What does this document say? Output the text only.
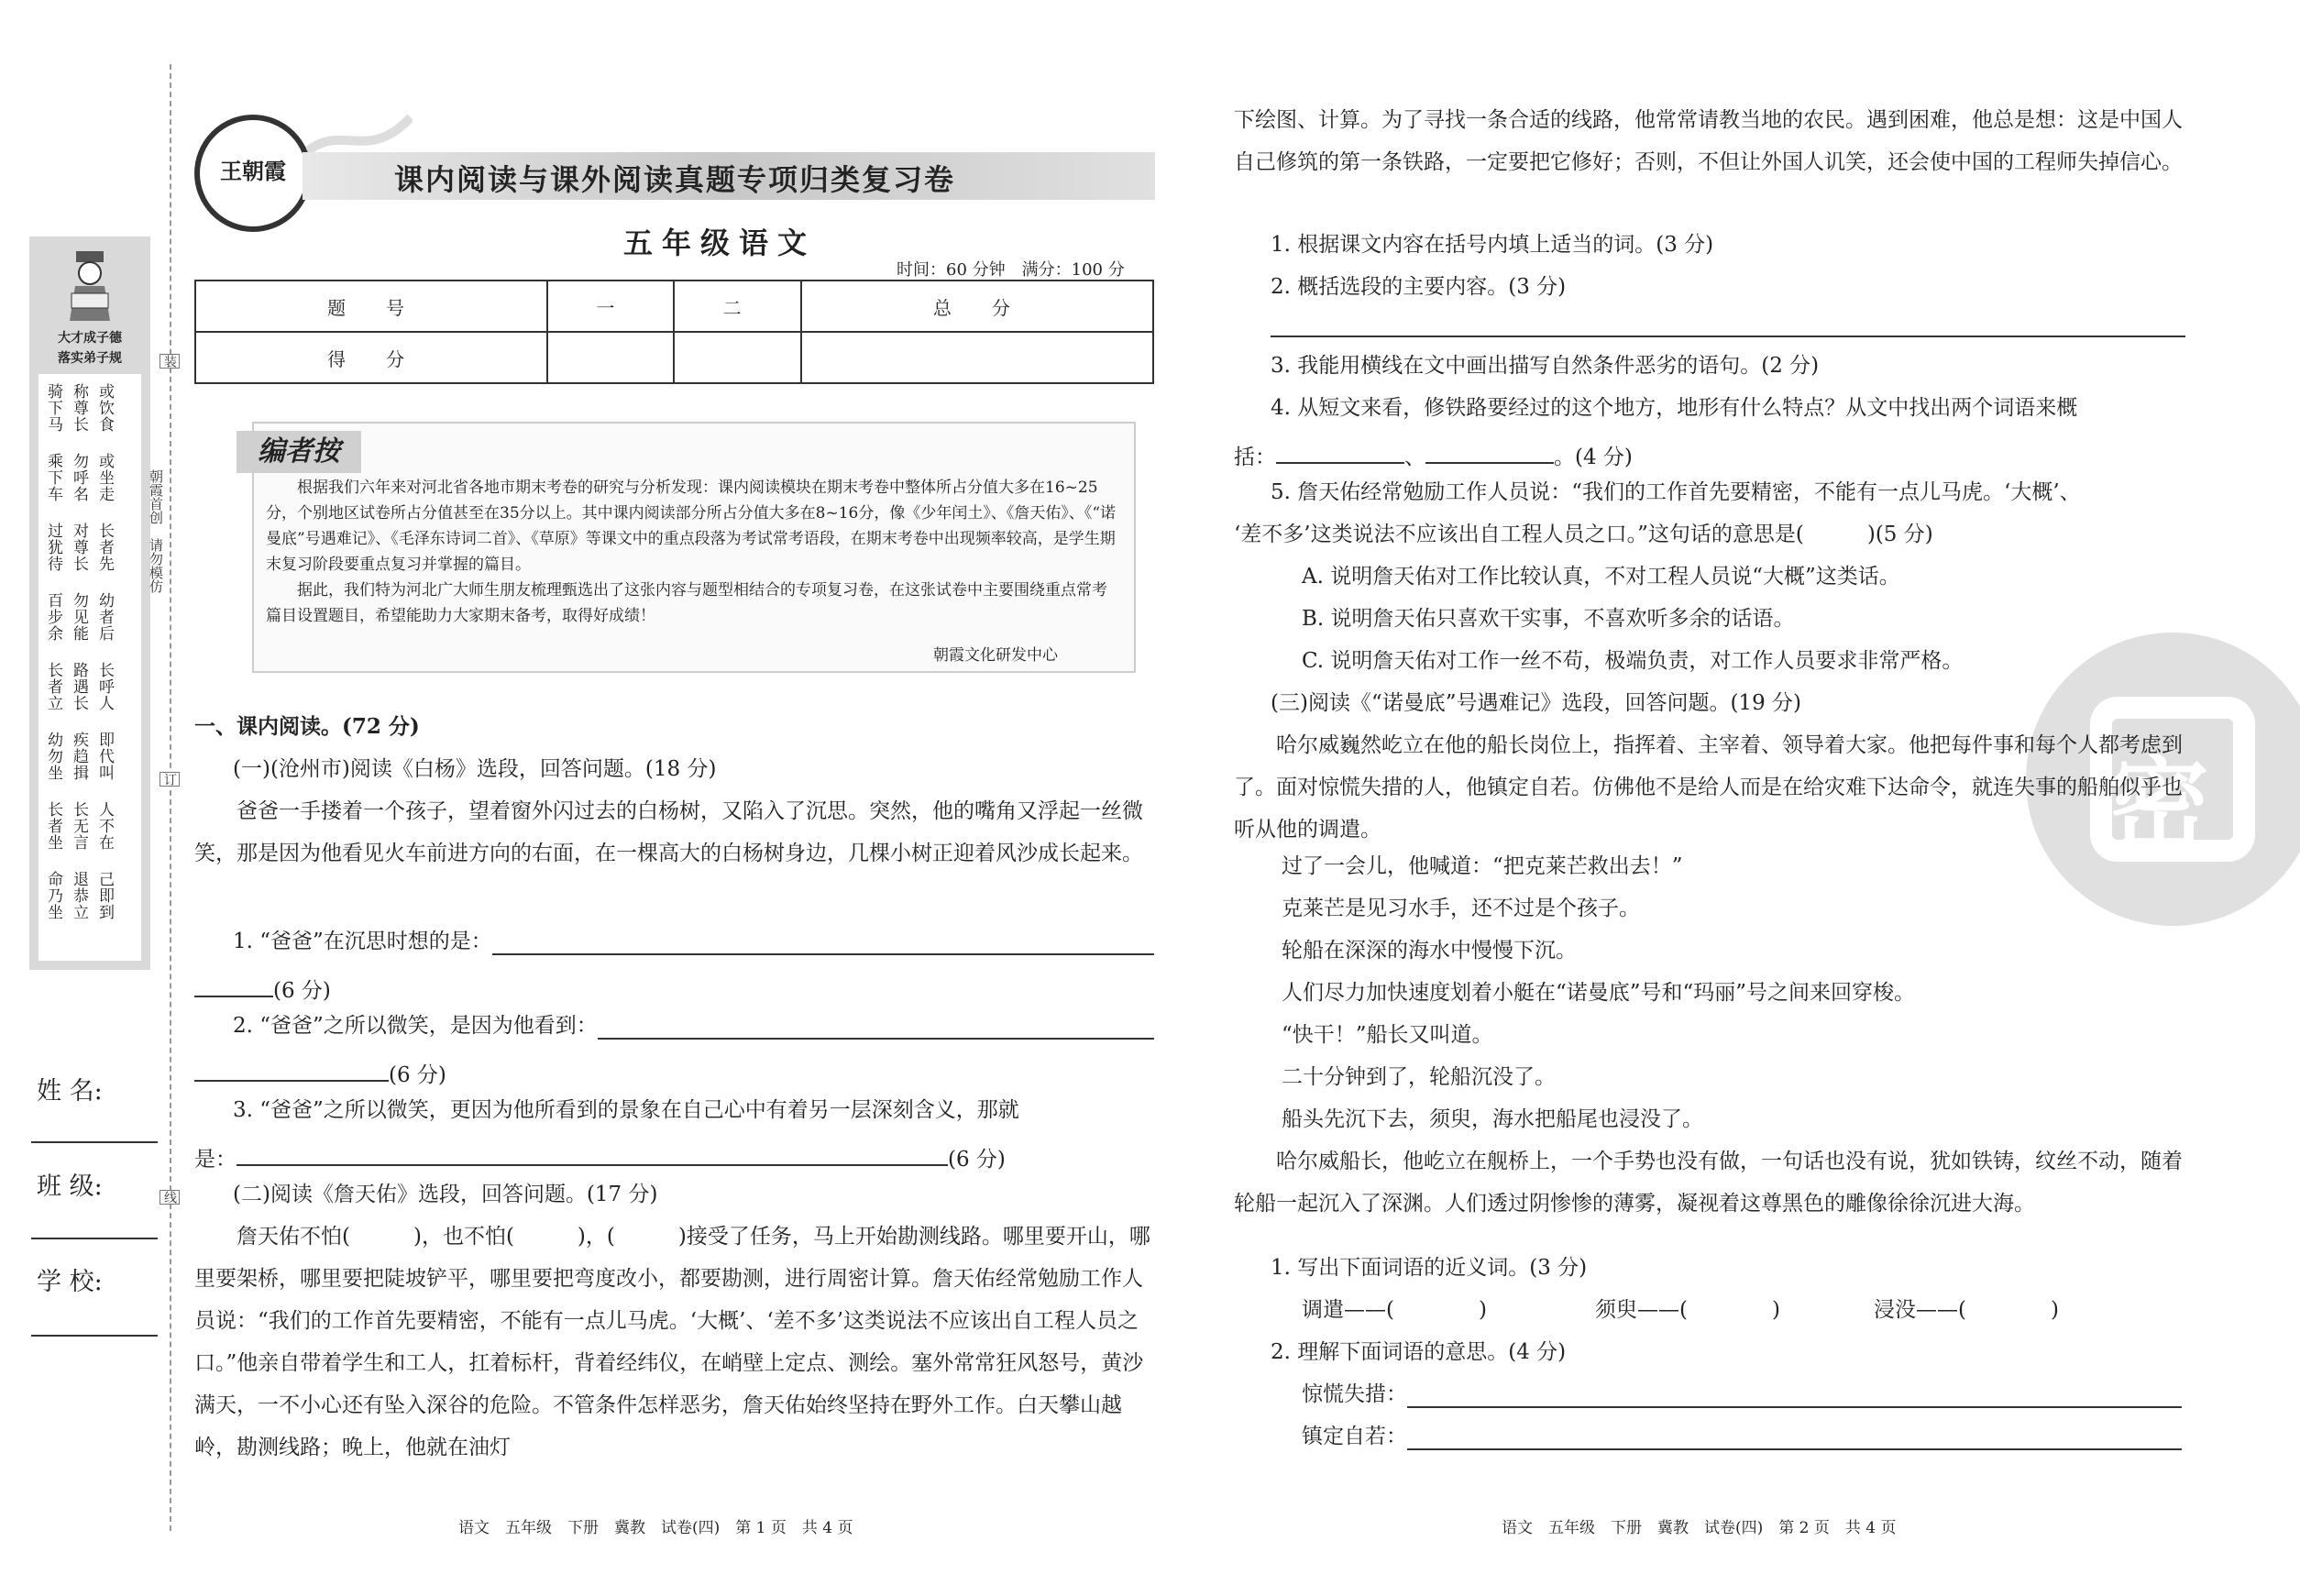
大才成子德
落实弟子规
骑下马 称尊长 或饮食
乘下车 勿呼名 或坐走
过犹待 对尊长 长者先
百步余 勿见能 幼者后
长者立 路遇长 长呼人
幼勿坐 疾趋揖 即代叫
长者坐 长无言 人不在
命乃坐 退恭立 己即到
姓 名:
班 级:
学 校:
装
订
线
朝霞首创　请勿模仿
王朝霞	课内阅读与课外阅读真题专项归类复习卷
五年级语文
时间：60 分钟　满分：100 分
题　号	一	二	总　分
得　分			
编者按
根据我们六年来对河北省各地市期末考卷的研究与分析发现：课内阅读模块在期末考卷中整体所占分值大多在16~25分，个别地区试卷所占分值甚至在35分以上。其中课内阅读部分所占分值大多在8~16分，像《少年闰土》、《詹天佑》、《“诺曼底”号遇难记》、《毛泽东诗词二首》、《草原》等课文中的重点段落为考试常考语段，在期末考卷中出现频率较高，是学生期末复习阶段要重点复习并掌握的篇目。
据此，我们特为河北广大师生朋友梳理甄选出了这张内容与题型相结合的专项复习卷，在这张试卷中主要围绕重点常考篇目设置题目，希望能助力大家期末备考，取得好成绩！
朝霞文化研发中心
一、课内阅读。(72 分)
(一)(沧州市)阅读《白杨》选段，回答问题。(18 分)
爸爸一手搂着一个孩子，望着窗外闪过去的白杨树，又陷入了沉思。突然，他的嘴角又浮起一丝微笑，那是因为他看见火车前进方向的右面，在一棵高大的白杨树身边，几棵小树正迎着风沙成长起来。
1. “爸爸”在沉思时想的是：
(6 分)
2. “爸爸”之所以微笑，是因为他看到：
(6 分)
3. “爸爸”之所以微笑，更因为他所看到的景象在自己心中有着另一层深刻含义，那就
是：	(6 分)
(二)阅读《詹天佑》选段，回答问题。(17 分)
詹天佑不怕(　　　)，也不怕(　　　)，(　　　)接受了任务，马上开始勘测线路。哪里要开山，哪里要架桥，哪里要把陡坡铲平，哪里要把弯度改小，都要勘测，进行周密计算。詹天佑经常勉励工作人员说：“我们的工作首先要精密，不能有一点儿马虎。‘大概’、‘差不多’这类说法不应该出自工程人员之口。”他亲自带着学生和工人，扛着标杆，背着经纬仪，在峭壁上定点、测绘。塞外常常狂风怒号，黄沙满天，一不小心还有坠入深谷的危险。不管条件怎样恶劣，詹天佑始终坚持在野外工作。白天攀山越岭，勘测线路；晚上，他就在油灯
语文　五年级　下册　冀教　试卷(四)　第 1 页　共 4 页
密
下绘图、计算。为了寻找一条合适的线路，他常常请教当地的农民。遇到困难，他总是想：这是中国人自己修筑的第一条铁路，一定要把它修好；否则，不但让外国人讥笑，还会使中国的工程师失掉信心。
1. 根据课文内容在括号内填上适当的词。(3 分)
2. 概括选段的主要内容。(3 分)
3. 我能用横线在文中画出描写自然条件恶劣的语句。(2 分)
4. 从短文来看，修铁路要经过的这个地方，地形有什么特点？从文中找出两个词语来概
括：	、	。(4 分)
5. 詹天佑经常勉励工作人员说：“我们的工作首先要精密，不能有一点儿马虎。‘大概’、
‘差不多’这类说法不应该出自工程人员之口。”这句话的意思是(　　　)(5 分)
A. 说明詹天佑对工作比较认真，不对工程人员说“大概”这类话。
B. 说明詹天佑只喜欢干实事，不喜欢听多余的话语。
C. 说明詹天佑对工作一丝不苟，极端负责，对工作人员要求非常严格。
(三)阅读《“诺曼底”号遇难记》选段，回答问题。(19 分)
哈尔威巍然屹立在他的船长岗位上，指挥着、主宰着、领导着大家。他把每件事和每个人都考虑到了。面对惊慌失措的人，他镇定自若。仿佛他不是给人而是在给灾难下达命令，就连失事的船舶似乎也听从他的调遣。
过了一会儿，他喊道：“把克莱芒救出去！”
克莱芒是见习水手，还不过是个孩子。
轮船在深深的海水中慢慢下沉。
人们尽力加快速度划着小艇在“诺曼底”号和“玛丽”号之间来回穿梭。
“快干！”船长又叫道。
二十分钟到了，轮船沉没了。
船头先沉下去，须臾，海水把船尾也浸没了。
哈尔威船长，他屹立在舰桥上，一个手势也没有做，一句话也没有说，犹如铁铸，纹丝不动，随着轮船一起沉入了深渊。人们透过阴惨惨的薄雾，凝视着这尊黑色的雕像徐徐沉进大海。
1. 写出下面词语的近义词。(3 分)
调遣——(　　　　)	须臾——(　　　　)	浸没——(　　　　)
2. 理解下面词语的意思。(4 分)
惊慌失措：
镇定自若：
语文　五年级　下册　冀教　试卷(四)　第 2 页　共 4 页
